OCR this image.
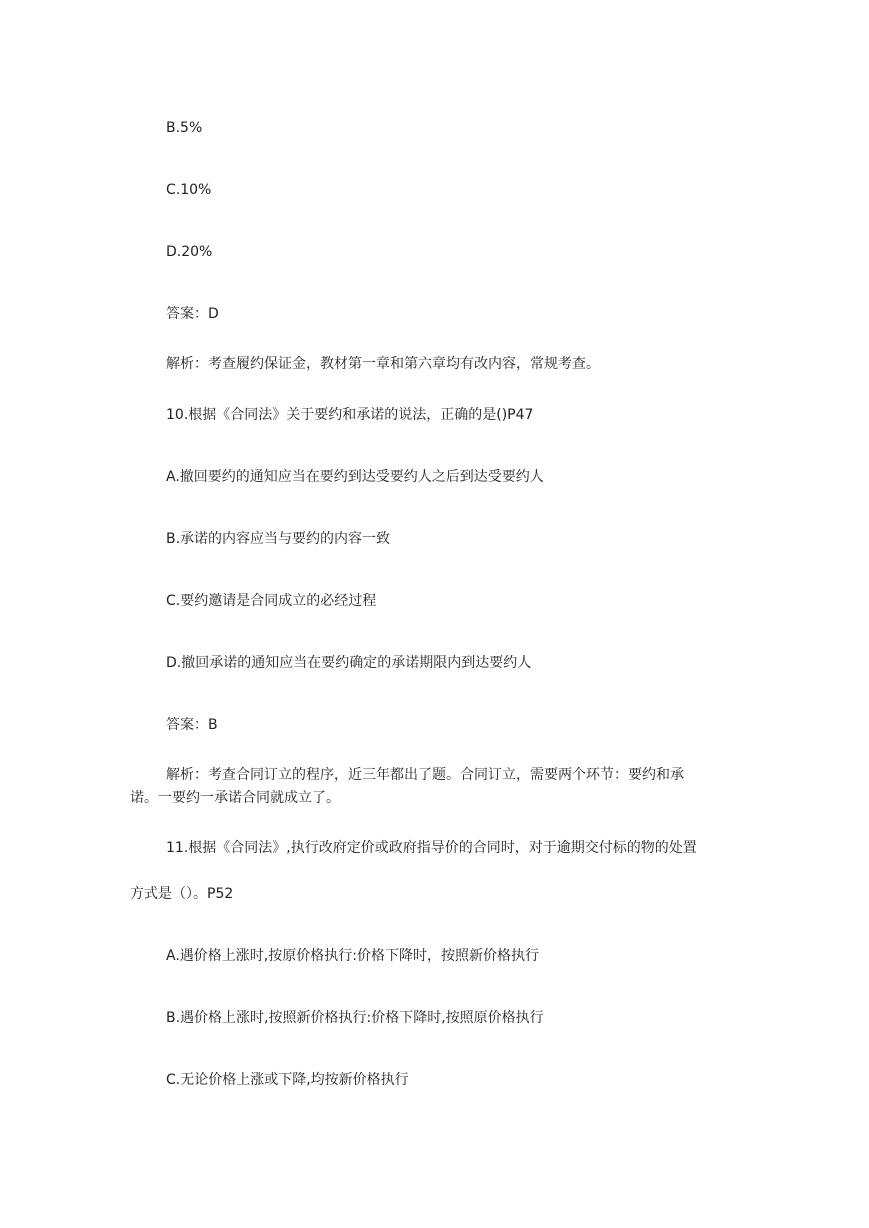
B.5%

C.10%

D.20%

答案：D

解析：考查履约保证金，教材第一章和第六章均有改内容，常规考查。

10.根据《合同法》关于要约和承诺的说法，正确的是()P47

A.撤回要约的通知应当在要约到达受要约人之后到达受要约人

B.承诺的内容应当与要约的内容一致

C.要约邀请是合同成立的必经过程

D.撤回承诺的通知应当在要约确定的承诺期限内到达要约人

答案：B

解析：考查合同订立的程序，近三年都出了题。合同订立，需要两个环节：要约和承

诺。一要约一承诺合同就成立了。

11.根据《合同法》,执行改府定价或政府指导价的合同时，对于逾期交付标的物的处置

方式是（）。P52

A.遇价格上涨时,按原价格执行:价格下降时，按照新价格执行

B.遇价格上涨时,按照新价格执行:价格下降时,按照原价格执行

C.无论价格上涨或下降,均按新价格执行
